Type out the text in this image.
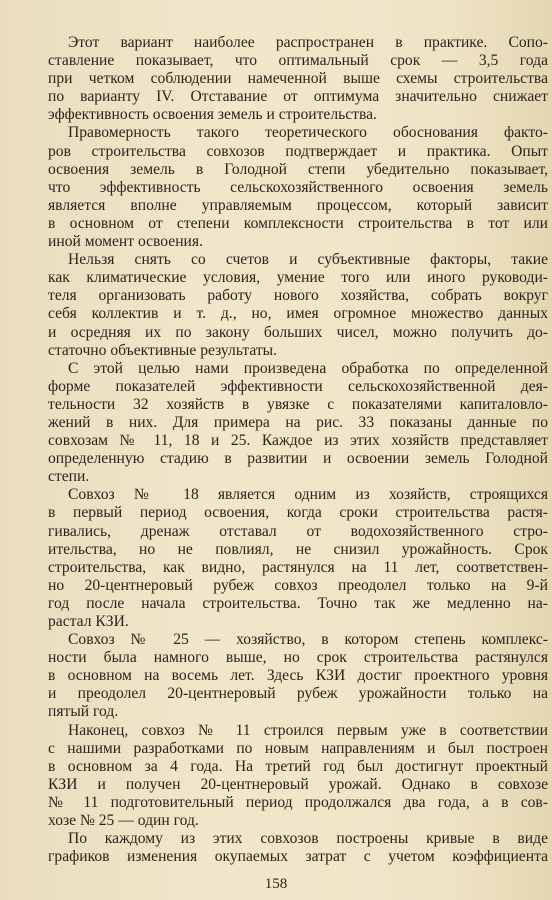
Этот вариант наиболее распространен в практике. Сопо-
ставление показывает, что оптимальный срок — 3,5 года
при четком соблюдении намеченной выше схемы строительства
по варианту IV. Отставание от оптимума значительно снижает
эффективность освоения земель и строительства.
Правомерность такого теоретического обоснования факто-
ров строительства совхозов подтверждает и практика. Опыт
освоения земель в Голодной степи убедительно показывает,
что эффективность сельскохозяйственного освоения земель
является вполне управляемым процессом, который зависит
в основном от степени комплексности строительства в тот или
иной момент освоения.
Нельзя снять со счетов и субъективные факторы, такие
как климатические условия, умение того или иного руководи-
теля организовать работу нового хозяйства, собрать вокруг
себя коллектив и т. д., но, имея огромное множество данных
и осредняя их по закону больших чисел, можно получить до-
статочно объективные результаты.
С этой целью нами произведена обработка по определенной
форме показателей эффективности сельскохозяйственной дея-
тельности 32 хозяйств в увязке с показателями капиталовло-
жений в них. Для примера на рис. 33 показаны данные по
совхозам № 11, 18 и 25. Каждое из этих хозяйств представляет
определенную стадию в развитии и освоении земель Голодной
степи.
Совхоз № 18 является одним из хозяйств, строящихся
в первый период освоения, когда сроки строительства растя-
гивались, дренаж отставал от водохозяйственного стро-
ительства, но не повлиял, не снизил урожайность. Срок
строительства, как видно, растянулся на 11 лет, соответствен-
но 20-центнеровый рубеж совхоз преодолел только на 9-й
год после начала строительства. Точно так же медленно на-
растал КЗИ.
Совхоз № 25 — хозяйство, в котором степень комплекс-
ности была намного выше, но срок строительства растянулся
в основном на восемь лет. Здесь КЗИ достиг проектного уровня
и преодолел 20-центнеровый рубеж урожайности только на
пятый год.
Наконец, совхоз № 11 строился первым уже в соответствии
с нашими разработками по новым направлениям и был построен
в основном за 4 года. На третий год был достигнут проектный
КЗИ и получен 20-центнеровый урожай. Однако в совхозе
№ 11 подготовительный период продолжался два года, а в сов-
хозе № 25 — один год.
По каждому из этих совхозов построены кривые в виде
графиков изменения окупаемых затрат с учетом коэффициента
158
